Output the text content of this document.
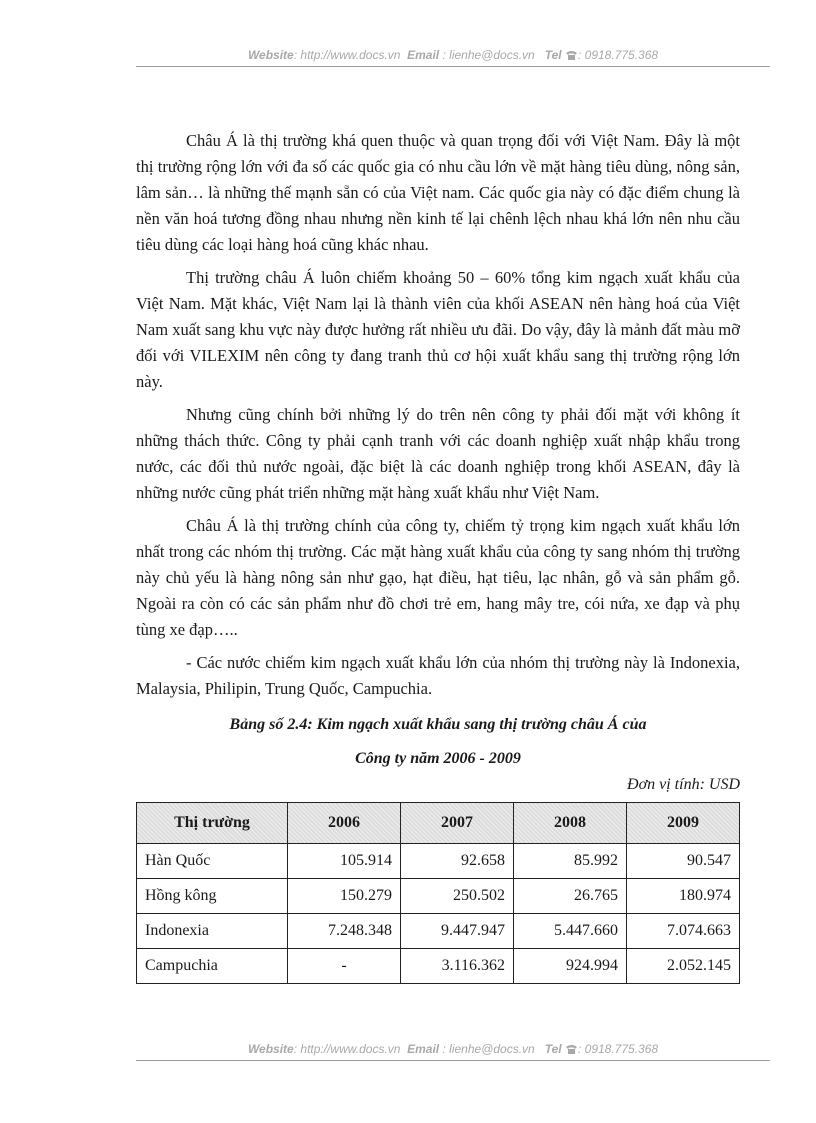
Website: http://www.docs.vn Email : lienhe@docs.vn Tel : 0918.775.368

Châu Á là thị trường khá quen thuộc và quan trọng đối với Việt Nam. Đây là một thị trường rộng lớn với đa số các quốc gia có nhu cầu lớn về mặt hàng tiêu dùng, nông sản, lâm sản… là những thế mạnh sẵn có của Việt nam. Các quốc gia này có đặc điểm chung là nền văn hoá tương đồng nhau nhưng nền kinh tế lại chênh lệch nhau khá lớn nên nhu cầu tiêu dùng các loại hàng hoá cũng khác nhau.

Thị trường châu Á luôn chiếm khoảng 50 – 60% tổng kim ngạch xuất khẩu của Việt Nam. Mặt khác, Việt Nam lại là thành viên của khối ASEAN nên hàng hoá của Việt Nam xuất sang khu vực này được hưởng rất nhiều ưu đãi. Do vậy, đây là mảnh đất màu mỡ đối với VILEXIM nên công ty đang tranh thủ cơ hội xuất khẩu sang thị trường rộng lớn này.

Nhưng cũng chính bởi những lý do trên nên công ty phải đối mặt với không ít những thách thức. Công ty phải cạnh tranh với các doanh nghiệp xuất nhập khẩu trong nước, các đối thủ nước ngoài, đặc biệt là các doanh nghiệp trong khối ASEAN, đây là những nước cũng phát triển những mặt hàng xuất khẩu như Việt Nam.

Châu Á là thị trường chính của công ty, chiếm tỷ trọng kim ngạch xuất khẩu lớn nhất trong các nhóm thị trường. Các mặt hàng xuất khẩu của công ty sang nhóm thị trường này chủ yếu là hàng nông sản như gạo, hạt điều, hạt tiêu, lạc nhân, gỗ và sản phẩm gỗ. Ngoài ra còn có các sản phẩm như đồ chơi trẻ em, hang mây tre, cói nứa, xe đạp và phụ tùng xe đạp…..

- Các nước chiếm kim ngạch xuất khẩu lớn của nhóm thị trường này là Indonexia, Malaysia, Philipin, Trung Quốc, Campuchia.

Bảng số 2.4: Kim ngạch xuất khẩu sang thị trường châu Á của
Công ty năm 2006 - 2009
Đơn vị tính: USD
Thị trường	2006	2007	2008	2009
Hàn Quốc	105.914	92.658	85.992	90.547
Hồng kông	150.279	250.502	26.765	180.974
Indonexia	7.248.348	9.447.947	5.447.660	7.074.663
Campuchia	-	3.116.362	924.994	2.052.145
Website: http://www.docs.vn Email : lienhe@docs.vn Tel : 0918.775.368
